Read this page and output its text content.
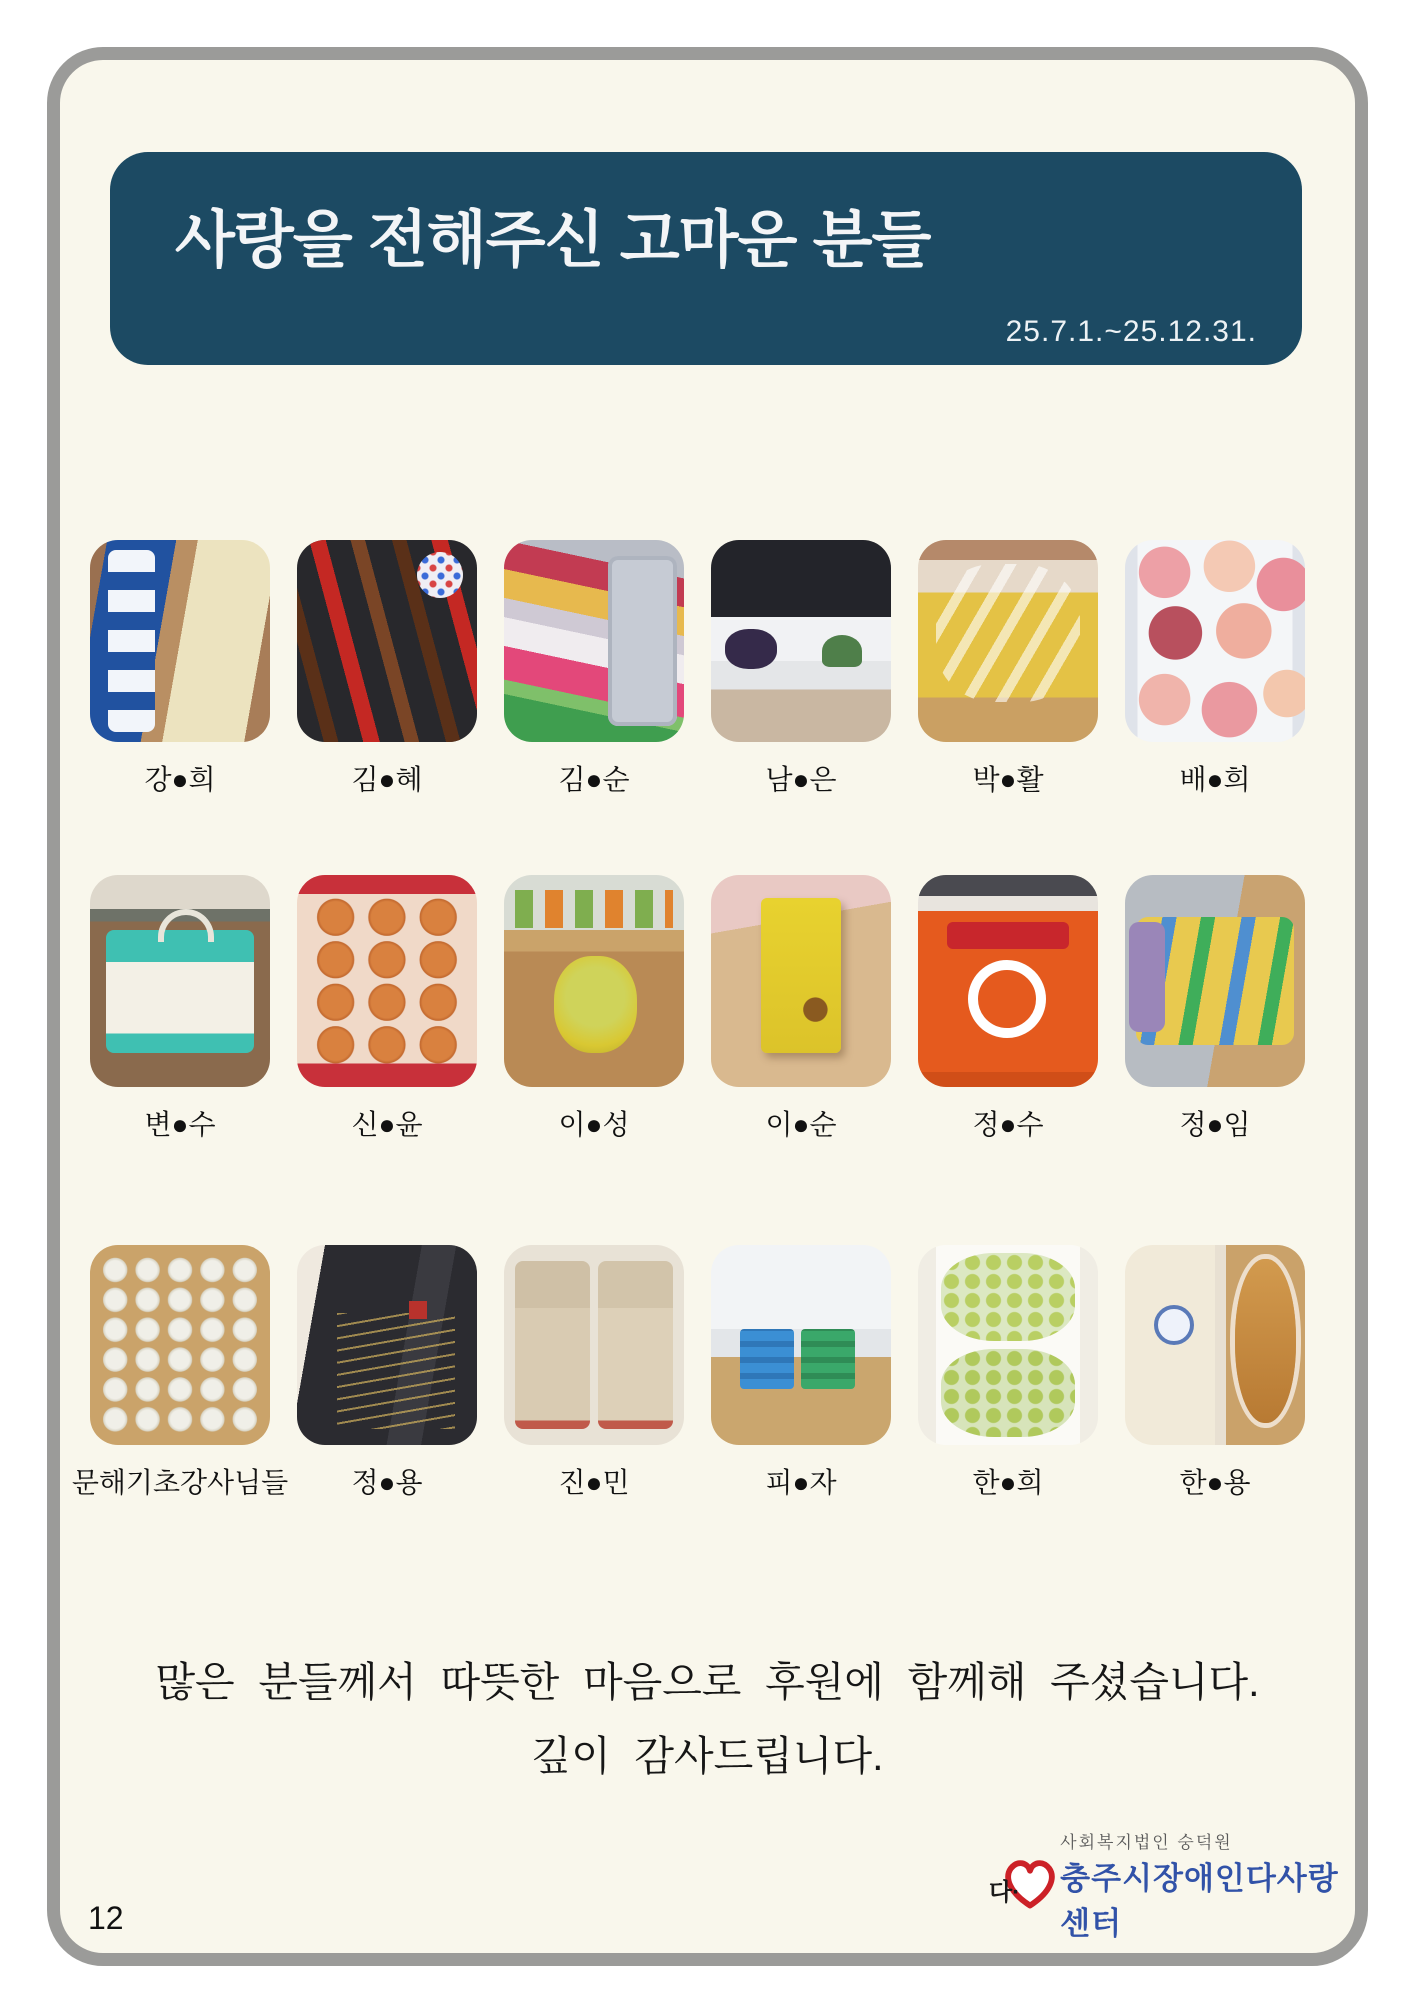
사랑을 전해주신 고마운 분들
25.7.1.~25.12.31.
강●희	김●혜	김●순	남●은	박●활	배●희
변●수	신●윤	이●성	이●순	정●수	정●임
문해기초강사님들 정●용	진●민	피●자	한●희	한●용
많은 분들께서 따뜻한 마음으로 후원에 함께해 주셨습니다.
깊이 감사드립니다.
다·
사회복지법인 숭덕원
충주시장애인다사랑센터
12
